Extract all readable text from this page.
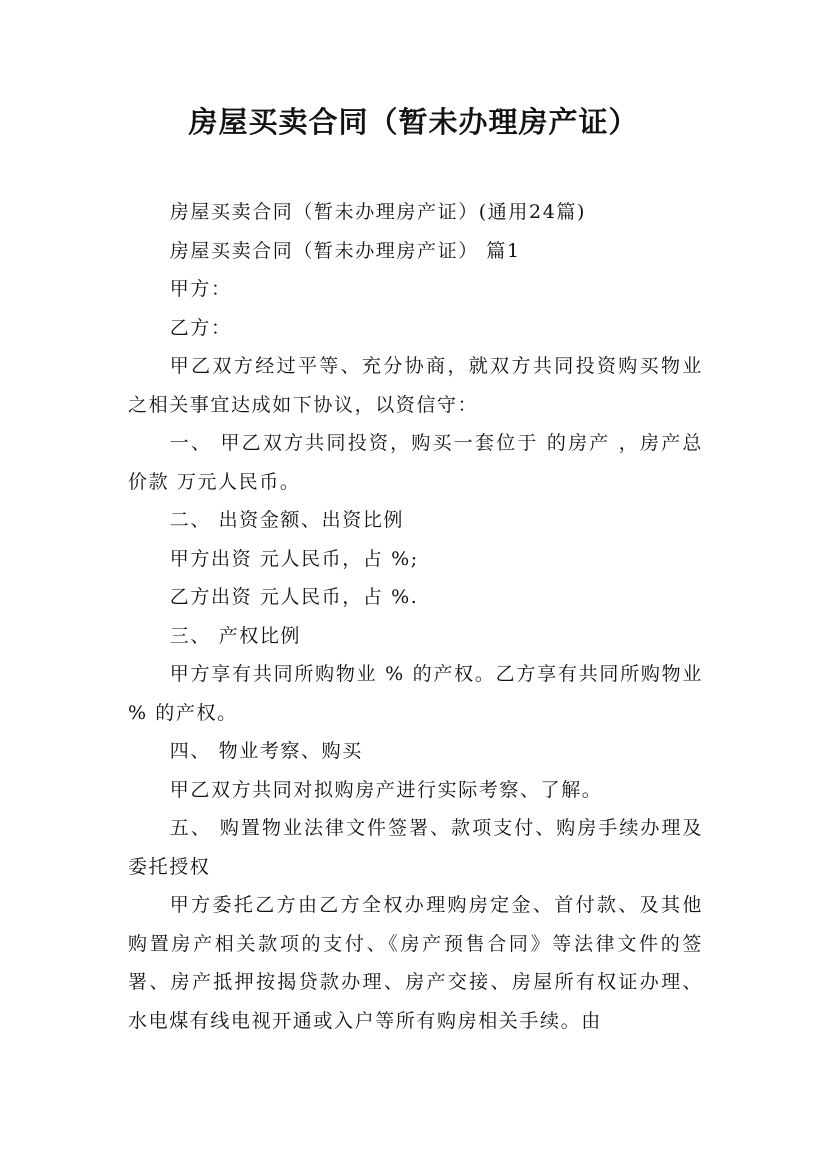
房屋买卖合同（暂未办理房产证）

房屋买卖合同（暂未办理房产证）(通用24篇)

房屋买卖合同（暂未办理房产证） 篇1

甲方：

乙方：

甲乙双方经过平等、充分协商，就双方共同投资购买物业之相关事宜达成如下协议，以资信守：

一、 甲乙双方共同投资，购买一套位于 的房产 ，房产总价款 万元人民币。

二、 出资金额、出资比例

甲方出资 元人民币，占 %;

乙方出资 元人民币，占 %.

三、 产权比例

甲方享有共同所购物业 % 的产权。乙方享有共同所购物业 % 的产权。

四、 物业考察、购买

甲乙双方共同对拟购房产进行实际考察、了解。

五、 购置物业法律文件签署、款项支付、购房手续办理及委托授权

甲方委托乙方由乙方全权办理购房定金、首付款、及其他购置房产相关款项的支付、《房产预售合同》等法律文件的签署、房产抵押按揭贷款办理、房产交接、房屋所有权证办理、水电煤有线电视开通或入户等所有购房相关手续。由
